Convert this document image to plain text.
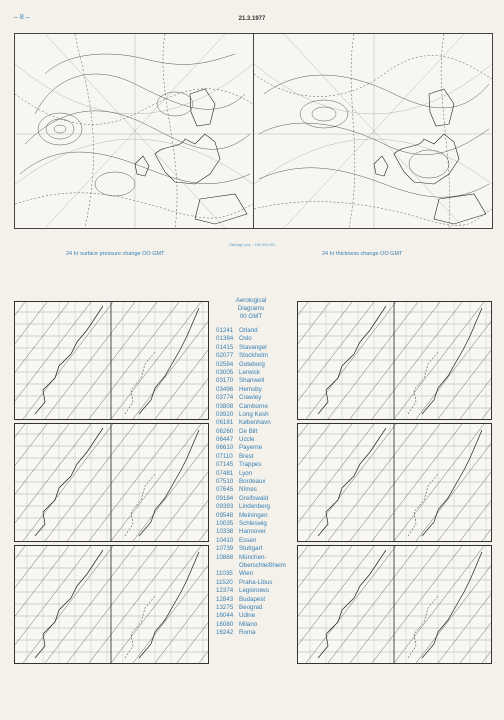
– 8 –	21.3.1977
Stereogr. proj. · 1:60 000 000
24 hr surface pressure change OO GMT	24 hr thickness change OO GMT
Aerological
Diagrams
00 GMT
01241 Orland
01384 Oslo
01415 Stavanger
02077 Stockholm
02584 Goteborg
03005 Lerwick
03170 Shanwell
03496 Hemsby
03774 Crawley
03808 Camborne
03920 Long Kesh
06181 København
06260 De Bilt
06447 Uccle
06610 Payerne
07110 Brest
07145 Trappes
07481 Lyon
07510 Bordeaux
07645 Nîmes
09184 Greifswald
09393 Lindenberg
09548 Meiningen
10035 Schleswig
10338 Hannover
10410 Essen
10739 Stuttgart
10868 München-
Oberschleißheim
11035 Wien
11520 Praha-Libus
12374 Legionowo
12843 Budapest
13275 Beograd
16044 Udine
16080 Milano
16242 Roma
